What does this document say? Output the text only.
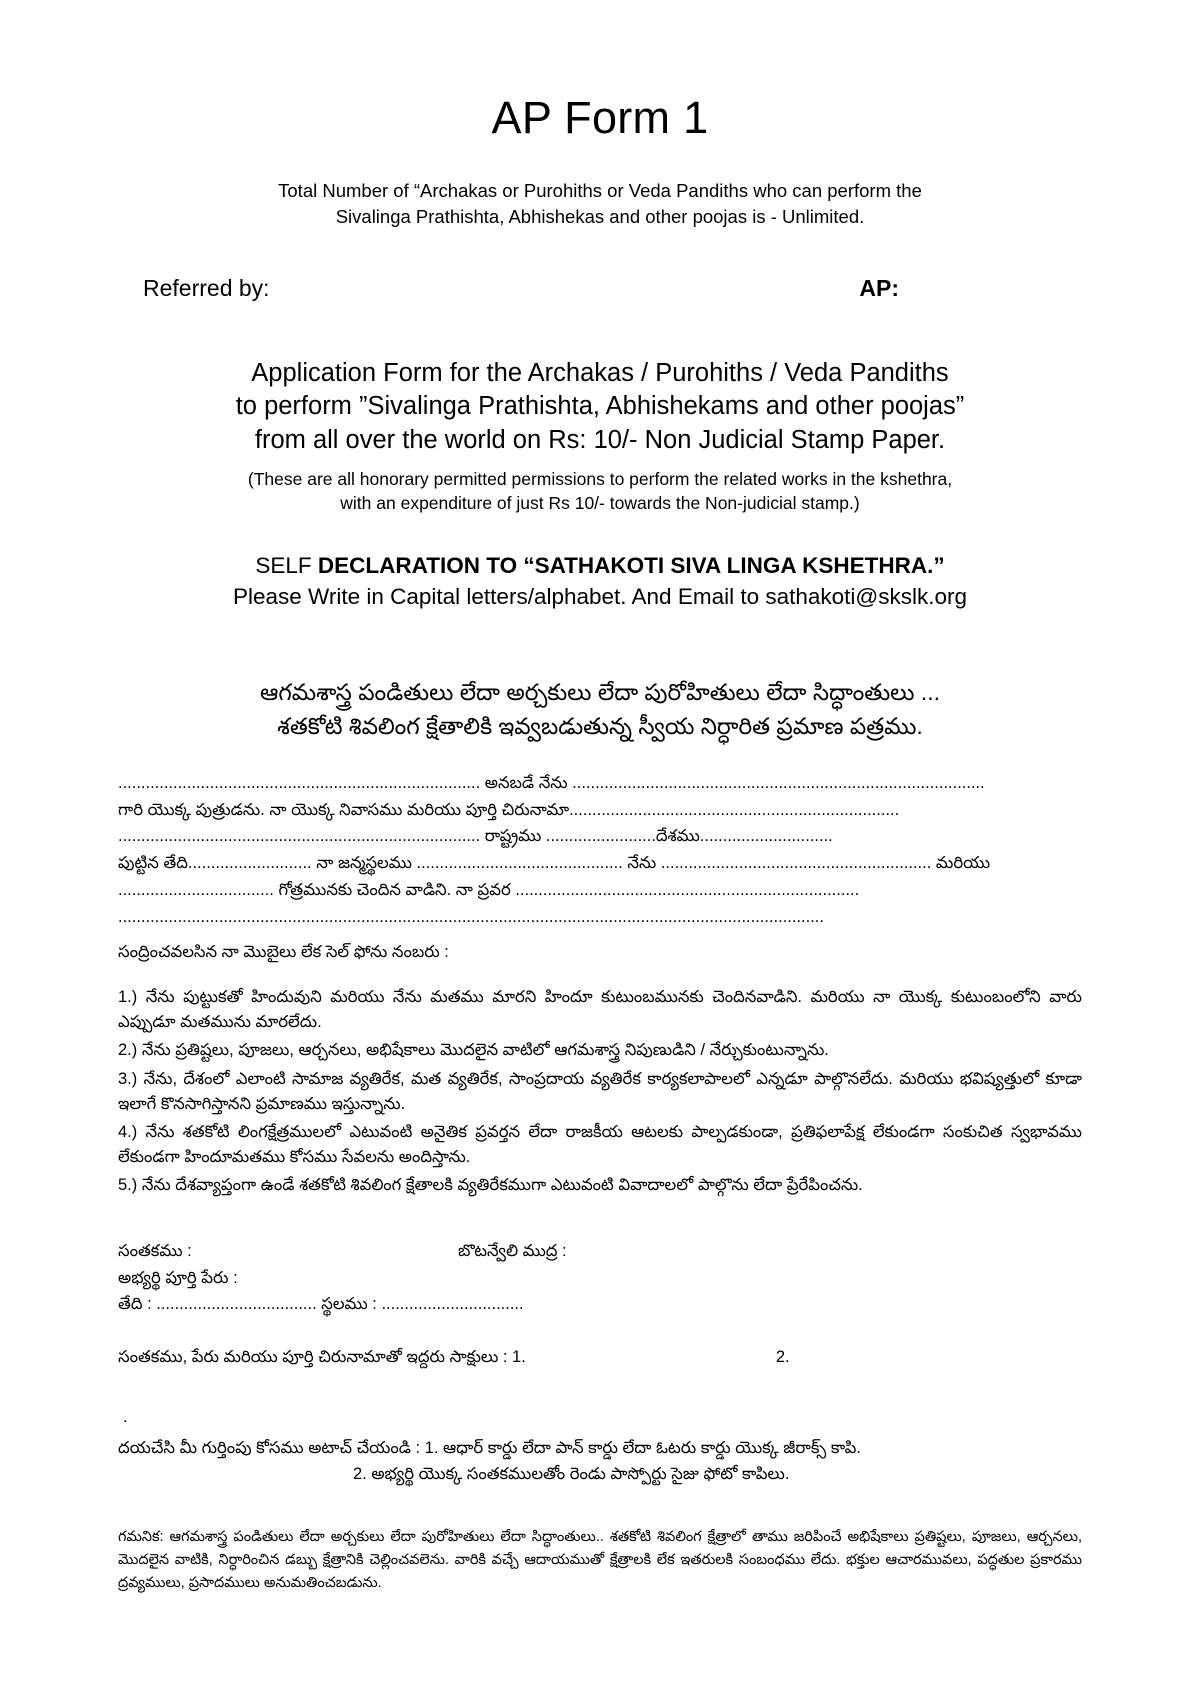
AP Form 1
Total Number of “Archakas or Purohiths or Veda Pandiths who can perform the
Sivalinga Prathishta, Abhishekas and other poojas is - Unlimited.
Referred by:	AP:
Application Form for the Archakas / Purohiths / Veda Pandiths
to perform ”Sivalinga Prathishta, Abhishekams and other poojas”
from all over the world on Rs: 10/- Non Judicial Stamp Paper.
(These are all honorary permitted permissions to perform the related works in the kshethra,
with an expenditure of just Rs 10/- towards the Non-judicial stamp.)
SELF DECLARATION TO “SATHAKOTI SIVA LINGA KSHETHRA.”
Please Write in Capital letters/alphabet. And Email to sathakoti@skslk.org
ఆగమశాస్త్ర పండితులు లేదా అర్చకులు లేదా పురోహితులు లేదా సిద్ధాంతులు ...
శతకోటి శివలింగ క్షేతాలికి ఇవ్వబడుతున్న స్వీయ నిర్ధారిత ప్రమాణ పత్రము.
............................................................................... అనబడే నేను ..........................................................................................
గారి యొక్క పుత్రుడను. నా యొక్క నివాసము మరియు పూర్తి చిరునామా........................................................................
............................................................................... రాష్ట్రము ........................దేశము.............................
పుట్టిన తేది........................... నా జన్మస్థలము ............................................. నేను ........................................................... మరియు
.................................. గోత్రమునకు చెందిన వాడిని. నా ప్రవర ...........................................................................
..........................................................................................................................................................
సంద్రించవలసిన నా మొబైలు లేక సెల్ ఫోను నంబరు :

1.) నేను పుట్టుకతో హిందువుని మరియు నేను మతము మారని హిందూ కుటుంబమునకు చెందినవాడిని. మరియు నా యొక్క కుటుంబంలోని వారు ఎప్పుడూ మతమును మారలేదు.

2.) నేను ప్రతిష్టలు, పూజలు, ఆర్చనలు, అభిషేకాలు మొదలైన వాటిలో ఆగమశాస్త్ర నిపుణుడిని / నేర్చుకుంటున్నాను.

3.) నేను, దేశంలో ఎలాంటి సామాజ వ్యతిరేక, మత వ్యతిరేక, సాంప్రదాయ వ్యతిరేక కార్యకలాపాలలో ఎన్నడూ పాల్గొనలేదు. మరియు భవిష్యత్తులో కూడా ఇలాగే కొనసాగిస్తానని ప్రమాణము ఇస్తున్నాను.

4.) నేను శతకోటి లింగక్షేత్రములలో ఎటువంటి అనైతిక ప్రవర్తన లేదా రాజకీయ ఆటలకు పాల్పడకుండా, ప్రతిఫలాపేక్ష లేకుండగా సంకుచిత స్వభావము లేకుండగా హిందూమతము కోసము సేవలను అందిస్తాను.

5.) నేను దేశవ్యాప్తంగా ఉండే శతకోటి శివలింగ క్షేతాలకి వ్యతిరేకముగా ఎటువంటి వివాదాలలో పాల్గొను లేదా ప్రేరేపించను.

సంతకము :	బొటన్వేలి ముద్ర :
అభ్యర్థి పూర్తి పేరు :
తేది : ................................... స్థలము : ...............................
సంతకము, పేరు మరియు పూర్తి చిరునామాతో ఇద్దరు సాక్షులు : 1.	2.
.
దయచేసి మీ గుర్తింపు కోసము అటాచ్ చేయండి : 1. ఆధార్ కార్డు లేదా పాన్ కార్డు లేదా ఓటరు కార్డు యొక్క జీరాక్స్ కాపి.
2. అభ్యర్థి యొక్క సంతకములతోం రెండు పాస్పోర్టు సైజు ఫోటో కాపిలు.
గమనిక: ఆగమశాస్త్ర పండితులు లేదా అర్చకులు లేదా పురోహితులు లేదా సిద్ధాంతులు.. శతకోటి శివలింగ క్షేత్రాలో తాము జరిపించే అభిషేకాలు ప్రతిష్టలు, పూజలు, ఆర్చనలు, మొదలైన వాటికి, నిర్ధారించిన డబ్బు క్షేత్రానికి చెల్లించవలెను. వారికి వచ్చే ఆదాయముతో క్షేత్రాలకి లేక ఇతరులకి సంబంధము లేదు. భక్తుల ఆచారమువలు, పద్ధతుల ప్రకారము ద్రవ్యములు, ప్రసాదములు అనుమతించబడును.
